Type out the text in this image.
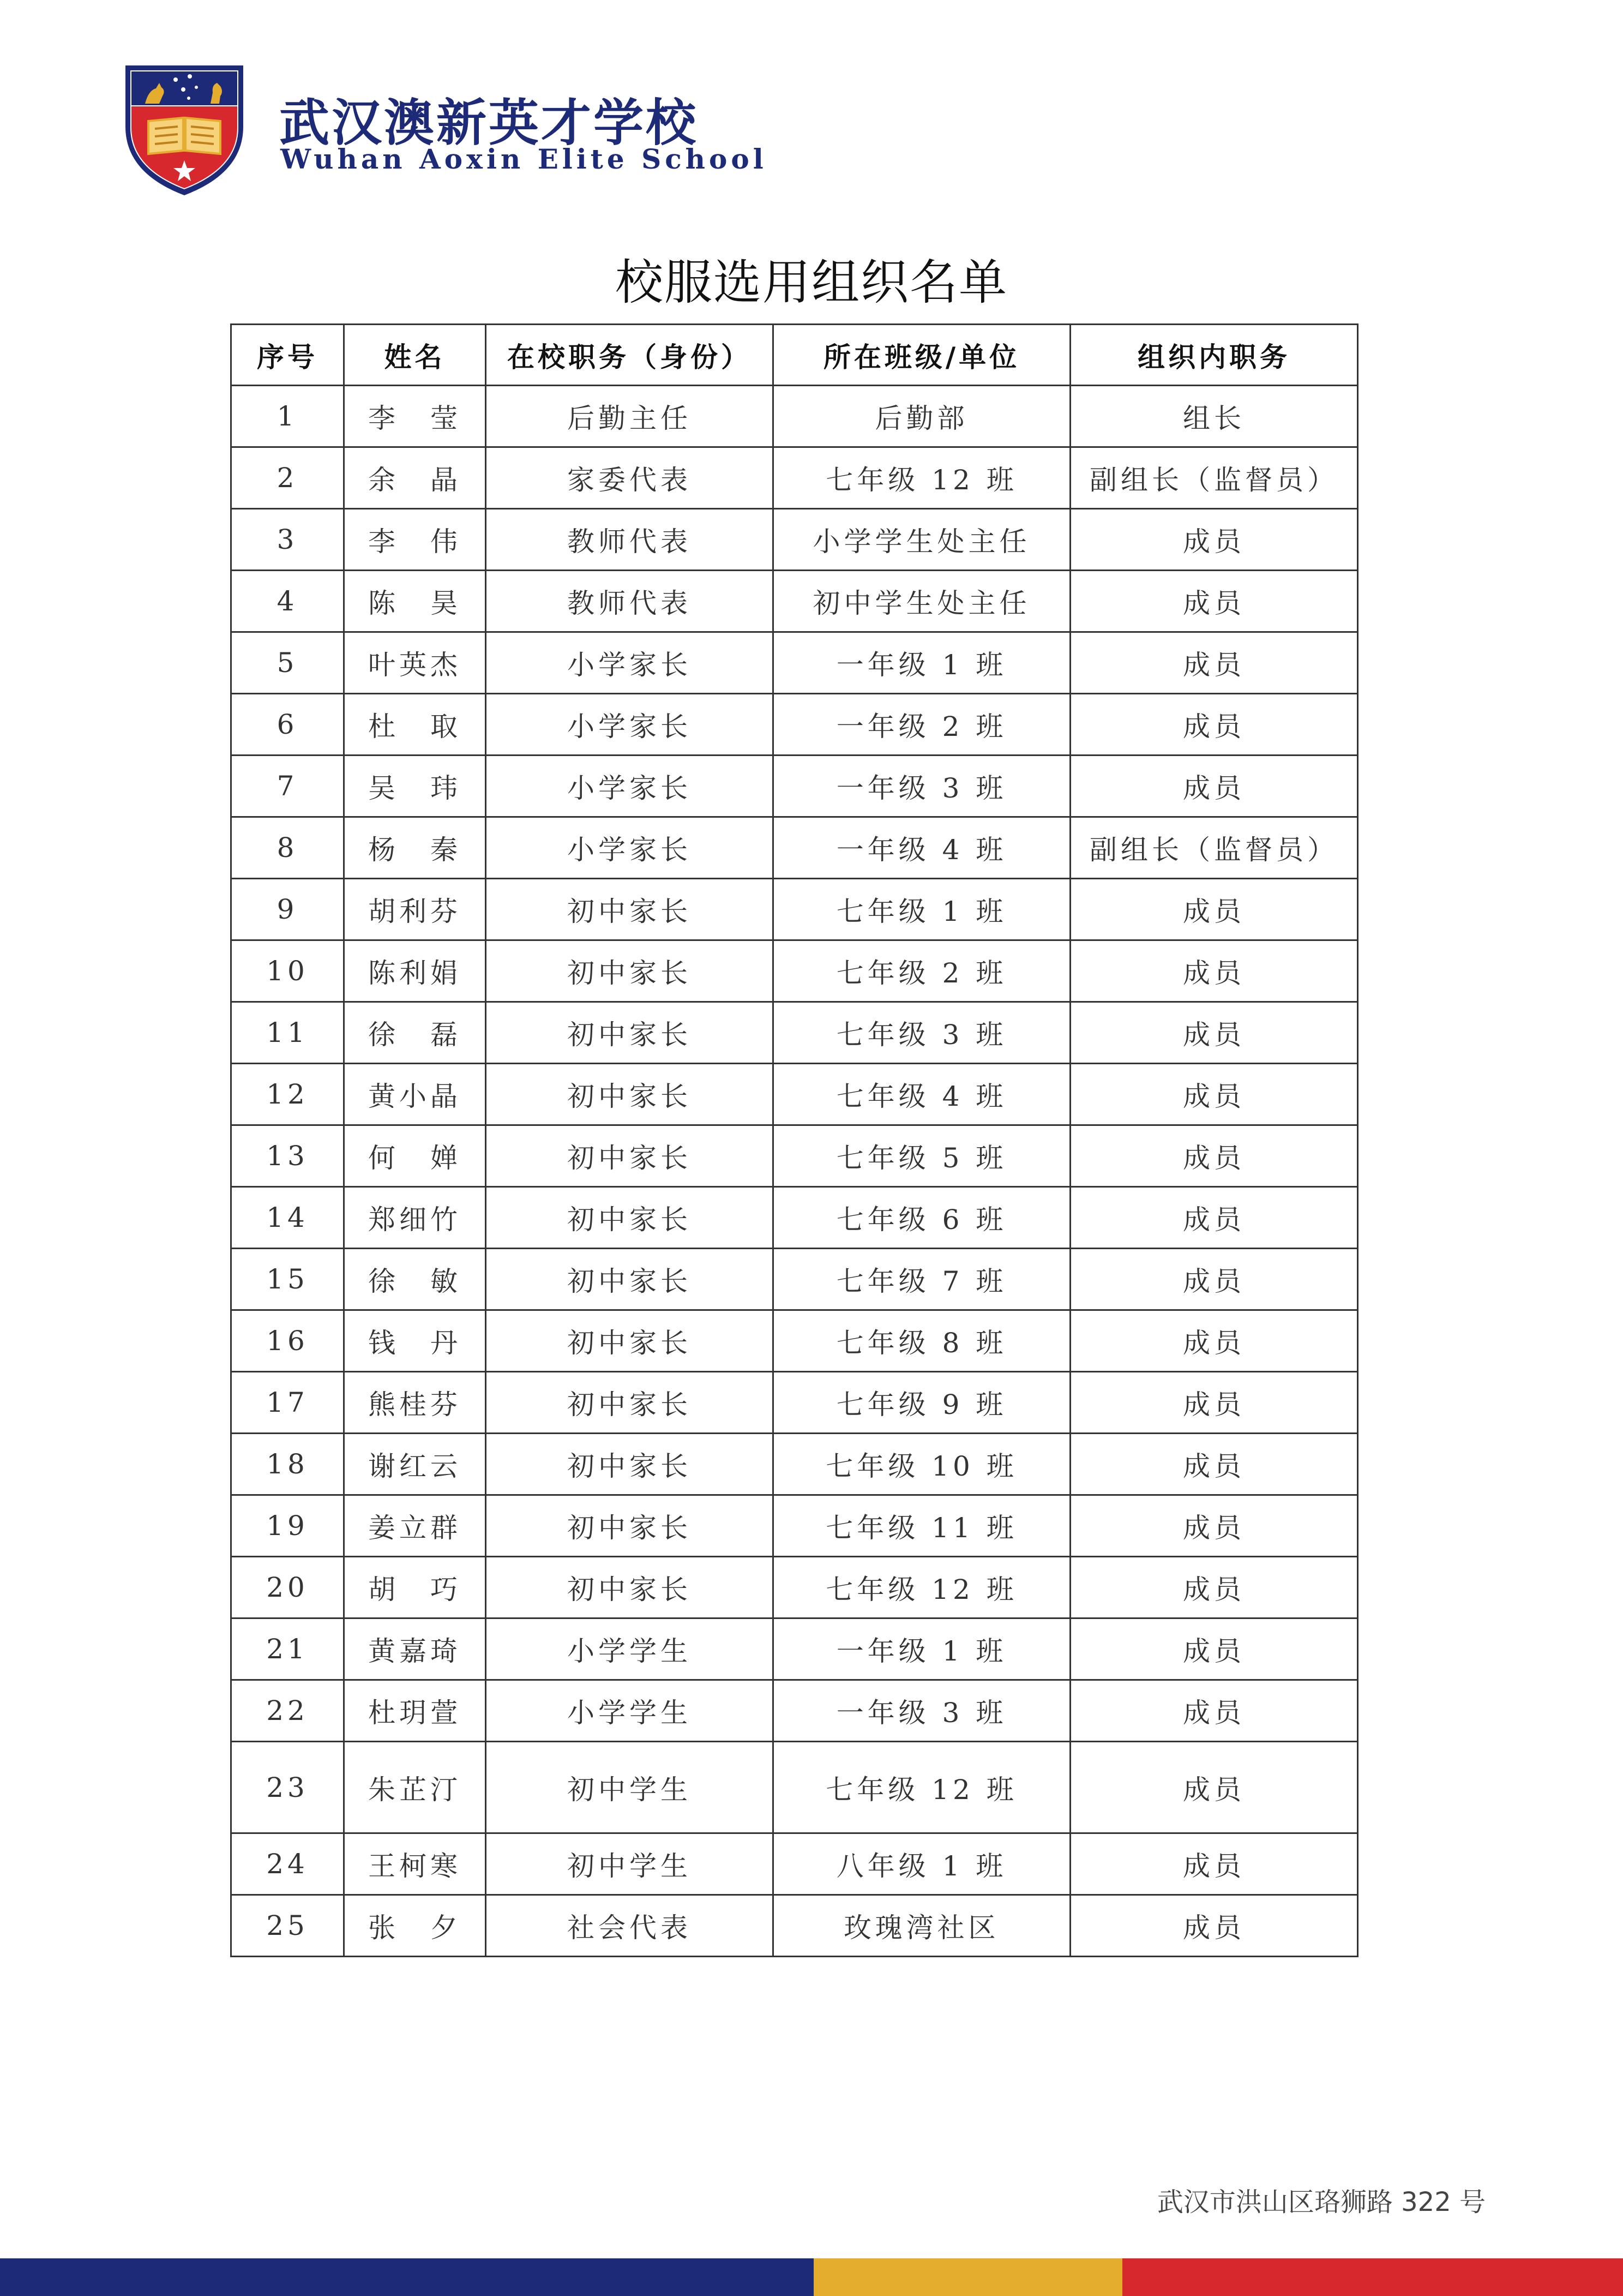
武汉澳新英才学校
Wuhan Aoxin Elite School
校服选用组织名单
序号	姓名	在校职务（身份）	所在班级/单位	组织内职务
1	李　莹	后勤主任	后勤部	组长
2	余　晶	家委代表	七年级 12 班	副组长（监督员）
3	李　伟	教师代表	小学学生处主任	成员
4	陈　昊	教师代表	初中学生处主任	成员
5	叶英杰	小学家长	一年级 1 班	成员
6	杜　取	小学家长	一年级 2 班	成员
7	吴　玮	小学家长	一年级 3 班	成员
8	杨　秦	小学家长	一年级 4 班	副组长（监督员）
9	胡利芬	初中家长	七年级 1 班	成员
10	陈利娟	初中家长	七年级 2 班	成员
11	徐　磊	初中家长	七年级 3 班	成员
12	黄小晶	初中家长	七年级 4 班	成员
13	何　婵	初中家长	七年级 5 班	成员
14	郑细竹	初中家长	七年级 6 班	成员
15	徐　敏	初中家长	七年级 7 班	成员
16	钱　丹	初中家长	七年级 8 班	成员
17	熊桂芬	初中家长	七年级 9 班	成员
18	谢红云	初中家长	七年级 10 班	成员
19	姜立群	初中家长	七年级 11 班	成员
20	胡　巧	初中家长	七年级 12 班	成员
21	黄嘉琦	小学学生	一年级 1 班	成员
22	杜玥萱	小学学生	一年级 3 班	成员
23	朱芷汀	初中学生	七年级 12 班	成员
24	王柯寒	初中学生	八年级 1 班	成员
25	张　夕	社会代表	玫瑰湾社区	成员
武汉市洪山区珞狮路 322 号
